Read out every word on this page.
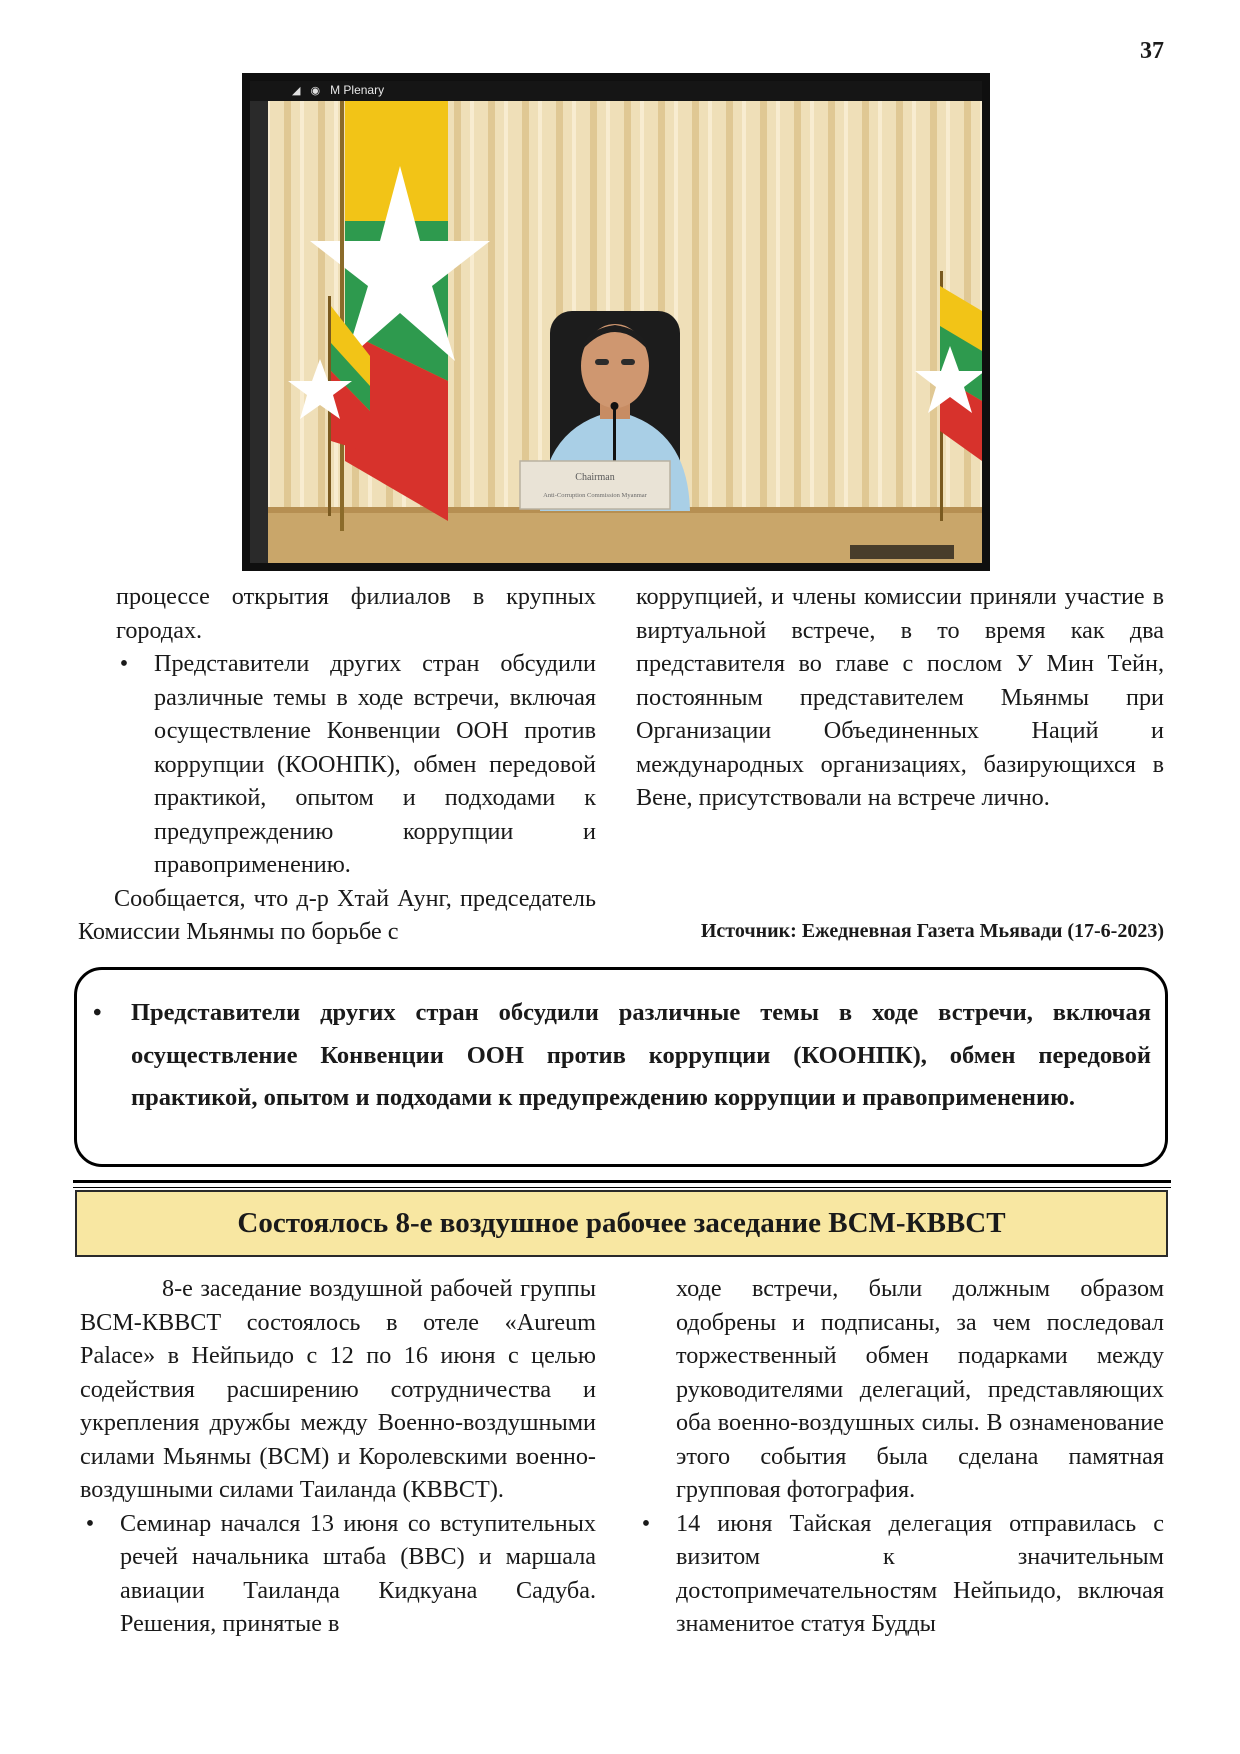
37
Chairman
Anti-Corruption Commission Myanmar
◢ ◉ M Plenary

процессе открытия филиалов в крупных городах.

• Представители других стран обсудили различные темы в ходе встречи, включая осуществление Конвенции ООН против коррупции (КООНПК), обмен передовой практикой, опытом и подходами к предупреждению коррупции и правоприменению.

Сообщается, что д-р Хтай Аунг, председатель Комиссии Мьянмы по борьбе с

коррупцией, и члены комиссии приняли участие в виртуальной встрече, в то время как два представителя во главе с послом У Мин Тейн, постоянным представителем Мьянмы при Организации Объединенных Наций и международных организациях, базирующихся в Вене, присутствовали на встрече лично.

Источник: Ежедневная Газета Мьявади (17-6-2023)
•	Представители других стран обсудили различные темы в ходе встречи, включая осуществление Конвенции ООН против коррупции (КООНПК), обмен передовой практикой, опытом и подходами к предупреждению коррупции и правоприменению.
Состоялось 8-е воздушное рабочее заседание ВСМ-КВВСТ

8-е заседание воздушной рабочей группы ВСМ-КВВСТ состоялось в отеле «Aureum Palace» в Нейпьидо с 12 по 16 июня с целью содействия расширению сотрудничества и укрепления дружбы между Военно-воздушными силами Мьянмы (ВСМ) и Королевскими военно-воздушными силами Таиланда (КВВСТ).

• Семинар начался 13 июня со вступительных речей начальника штаба (ВВС) и маршала авиации Таиланда Кидкуана Садуба. Решения, принятые в

ходе встречи, были должным образом одобрены и подписаны, за чем последовал торжественный обмен подарками между руководителями делегаций, представляющих оба военно-воздушных силы. В ознаменование этого события была сделана памятная групповая фотография.

• 14 июня Тайская делегация отправилась с визитом к значительным достопримечательностям Нейпьидо, включая знаменитое статуя Будды
